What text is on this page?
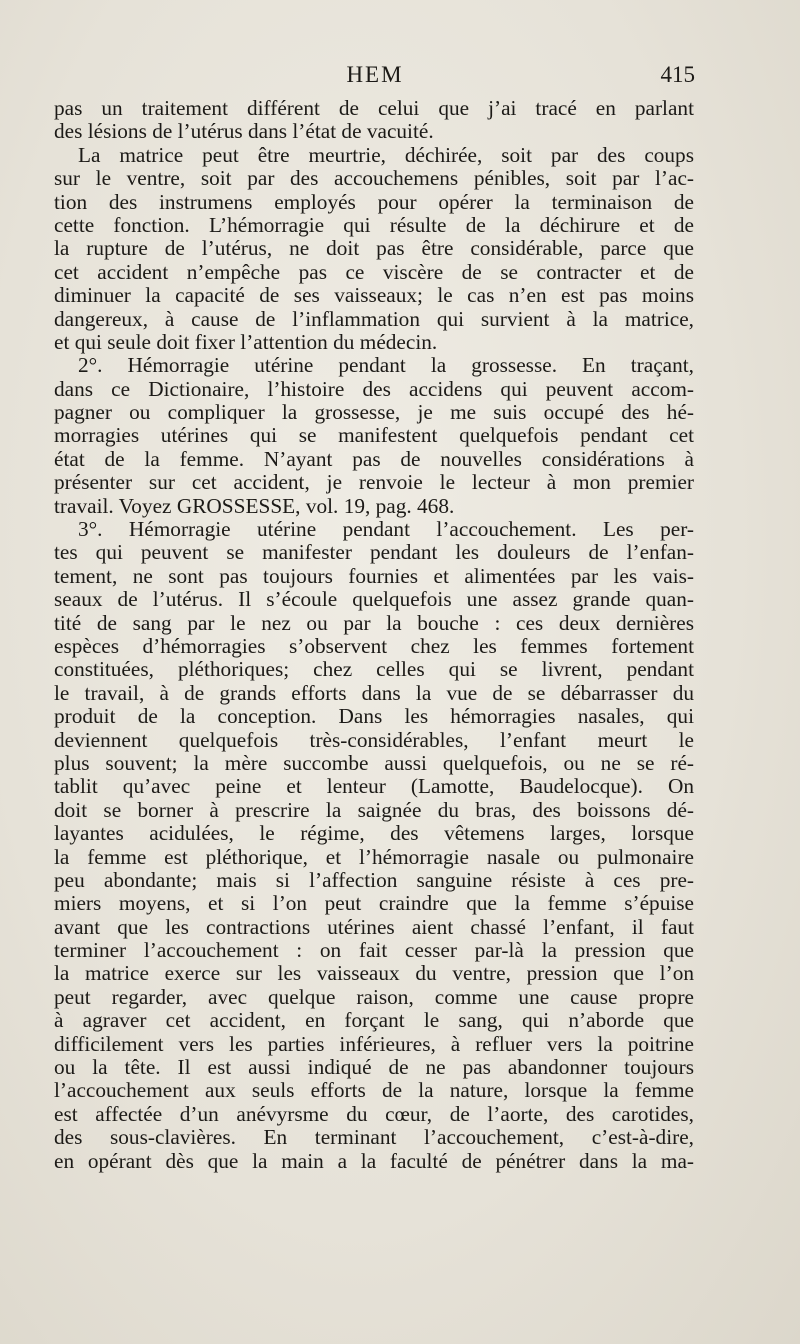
HEM	415
pas un traitement différent de celui que j’ai tracé en parlant
des lésions de l’utérus dans l’état de vacuité.
La matrice peut être meurtrie, déchirée, soit par des coups
sur le ventre, soit par des accouchemens pénibles, soit par l’ac-
tion des instrumens employés pour opérer la terminaison de
cette fonction. L’hémorragie qui résulte de la déchirure et de
la rupture de l’utérus, ne doit pas être considérable, parce que
cet accident n’empêche pas ce viscère de se contracter et de
diminuer la capacité de ses vaisseaux; le cas n’en est pas moins
dangereux, à cause de l’inflammation qui survient à la matrice,
et qui seule doit fixer l’attention du médecin.
2°. Hémorragie utérine pendant la grossesse. En traçant,
dans ce Dictionaire, l’histoire des accidens qui peuvent accom-
pagner ou compliquer la grossesse, je me suis occupé des hé-
morragies utérines qui se manifestent quelquefois pendant cet
état de la femme. N’ayant pas de nouvelles considérations à
présenter sur cet accident, je renvoie le lecteur à mon premier
travail. Voyez GROSSESSE, vol. 19, pag. 468.
3°. Hémorragie utérine pendant l’accouchement. Les per-
tes qui peuvent se manifester pendant les douleurs de l’enfan-
tement, ne sont pas toujours fournies et alimentées par les vais-
seaux de l’utérus. Il s’écoule quelquefois une assez grande quan-
tité de sang par le nez ou par la bouche : ces deux dernières
espèces d’hémorragies s’observent chez les femmes fortement
constituées, pléthoriques; chez celles qui se livrent, pendant
le travail, à de grands efforts dans la vue de se débarrasser du
produit de la conception. Dans les hémorragies nasales, qui
deviennent quelquefois très-considérables, l’enfant meurt le
plus souvent; la mère succombe aussi quelquefois, ou ne se ré-
tablit qu’avec peine et lenteur (Lamotte, Baudelocque). On
doit se borner à prescrire la saignée du bras, des boissons dé-
layantes acidulées, le régime, des vêtemens larges, lorsque
la femme est pléthorique, et l’hémorragie nasale ou pulmonaire
peu abondante; mais si l’affection sanguine résiste à ces pre-
miers moyens, et si l’on peut craindre que la femme s’épuise
avant que les contractions utérines aient chassé l’enfant, il faut
terminer l’accouchement : on fait cesser par-là la pression que
la matrice exerce sur les vaisseaux du ventre, pression que l’on
peut regarder, avec quelque raison, comme une cause propre
à agraver cet accident, en forçant le sang, qui n’aborde que
difficilement vers les parties inférieures, à refluer vers la poitrine
ou la tête. Il est aussi indiqué de ne pas abandonner toujours
l’accouchement aux seuls efforts de la nature, lorsque la femme
est affectée d’un anévyrsme du cœur, de l’aorte, des carotides,
des sous-clavières. En terminant l’accouchement, c’est-à-dire,
en opérant dès que la main a la faculté de pénétrer dans la ma-
